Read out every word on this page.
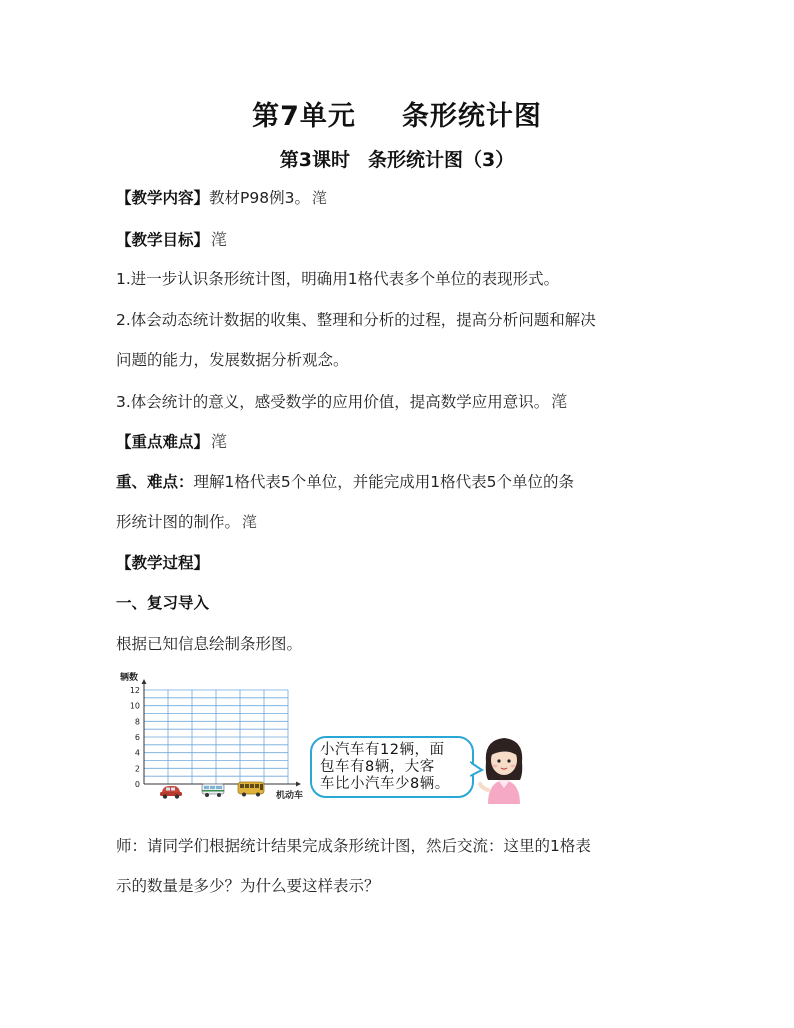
第7单元 条形统计图
第3课时 条形统计图（3）
【教学内容】教材P98例3。 滗
【教学目标】 滗
1.进一步认识条形统计图，明确用1格代表多个单位的表现形式。
2.体会动态统计数据的收集、整理和分析的过程，提高分析问题和解决
问题的能力，发展数据分析观念。
3.体会统计的意义，感受数学的应用价值，提高数学应用意识。 滗
【重点难点】 滗
重、难点：理解1格代表5个单位，并能完成用1格代表5个单位的条
形统计图的制作。 滗
【教学过程】
一、复习导入
根据已知信息绘制条形图。
辆数
12
10
8
6
4
2
0
机动车
小汽车有12辆，面
包车有8辆，大客
车比小汽车少8辆。
师：请同学们根据统计结果完成条形统计图，然后交流：这里的1格表
示的数量是多少？为什么要这样表示？
